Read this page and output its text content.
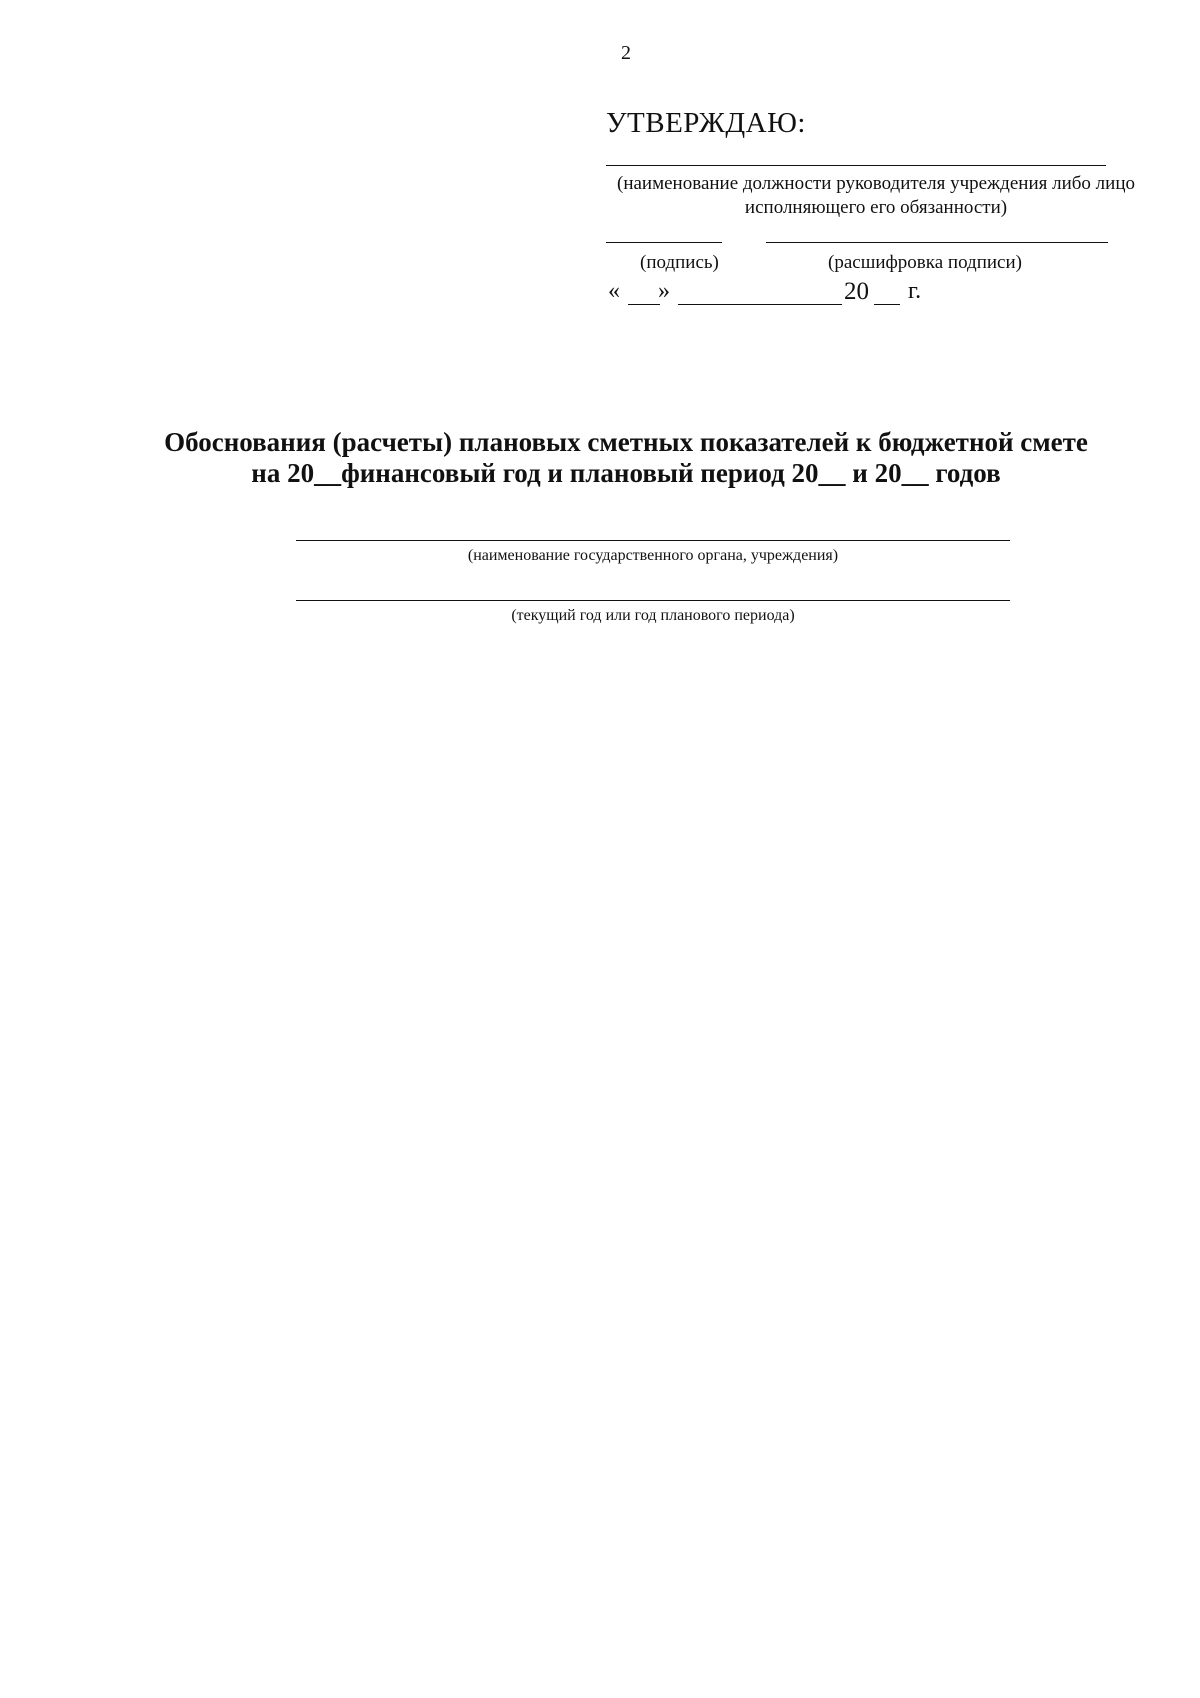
2

УТВЕРЖДАЮ:

(наименование должности руководителя учреждения либо лицо исполняющего его обязанности)
(подпись)	(расшифровка подписи)
« »	20 г.
Обоснования (расчеты) плановых сметных показателей к бюджетной смете
на 20__финансовый год и плановый период 20__ и 20__ годов
(наименование государственного органа, учреждения)
(текущий год или год планового периода)
